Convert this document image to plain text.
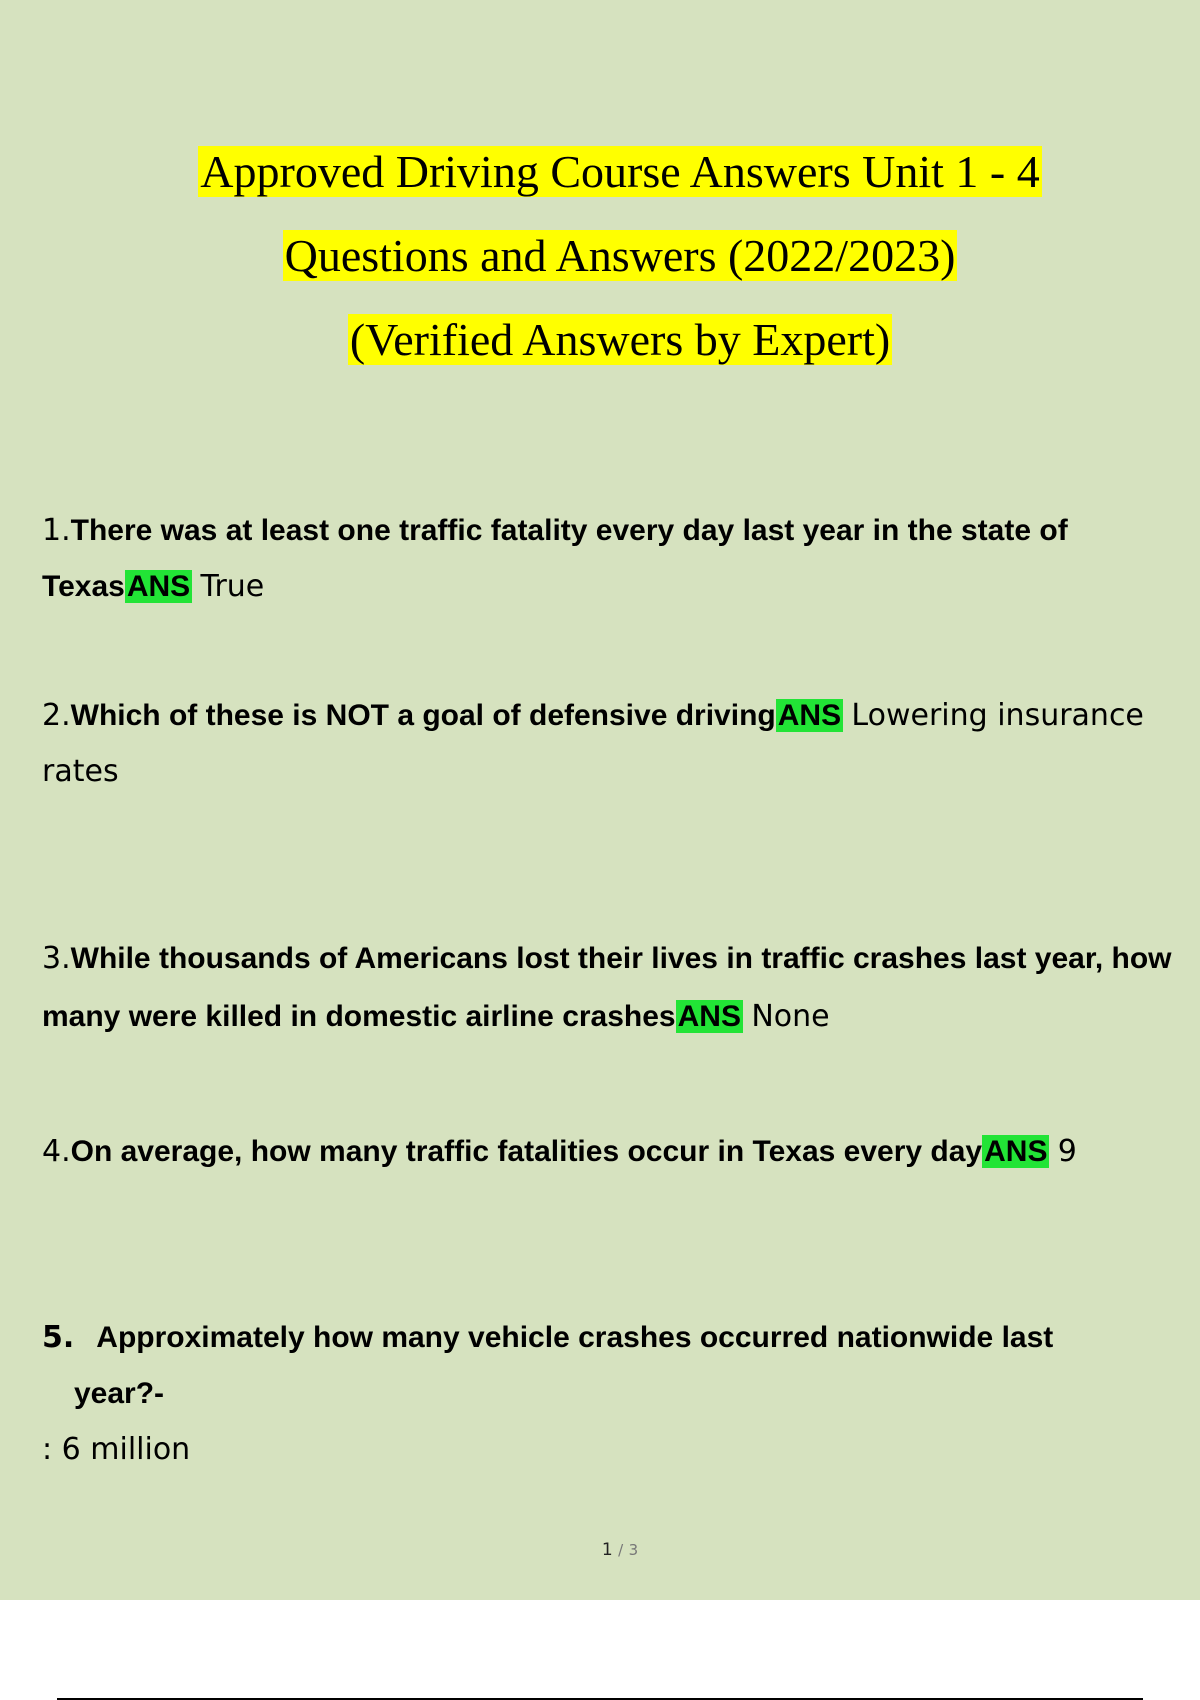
Approved Driving Course Answers Unit 1 - 4
Questions and Answers (2022/2023)
(Verified Answers by Expert)
1.There was at least one traffic fatality every day last year in the state of TexasANS True
2.Which of these is NOT a goal of defensive drivingANS Lowering insurance rates
3.While thousands of Americans lost their lives in traffic crashes last year, how many were killed in domestic airline crashesANS None
4.On average, how many traffic fatalities occur in Texas every dayANS 9
5. Approximately how many vehicle crashes occurred nationwide last
year?-
: 6 million
1 / 3
